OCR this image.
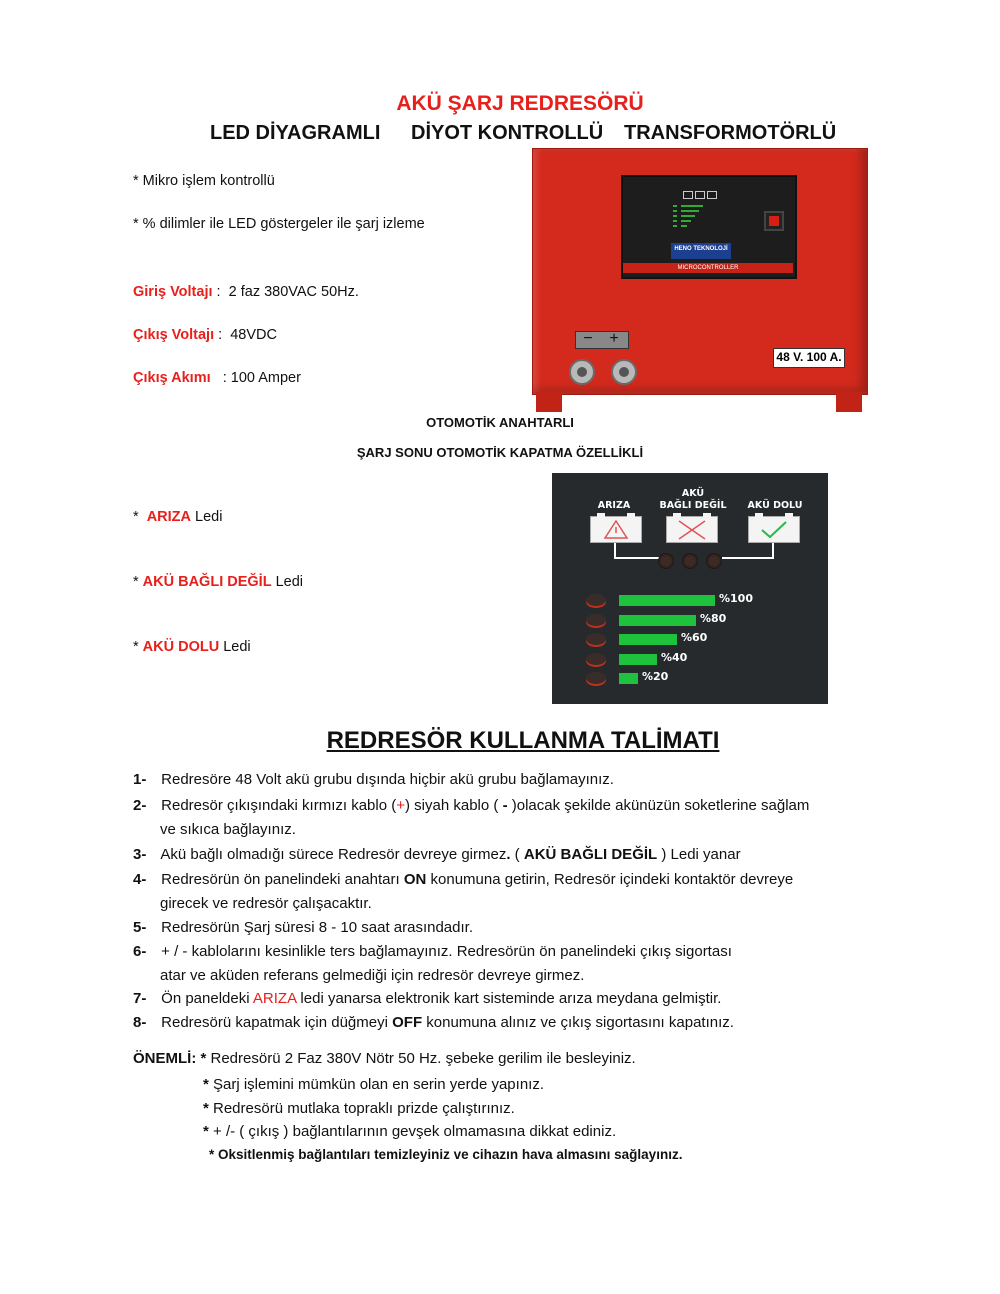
AKÜ ŞARJ REDRESÖRÜ
LED DİYAGRAMLI DİYOT KONTROLLÜ TRANSFORMOTÖRLÜ
* Mikro işlem kontrollü
* % dilimler ile LED göstergeler ile şarj izleme
Giriş Voltajı :  2 faz 380VAC 50Hz.
Çıkış Voltajı :  48VDC
Çıkış Akımı   : 100 Amper
HENO TEKNOLOJİ
MICROCONTROLLER
−	+
48 V. 100 A.
OTOMOTİK ANAHTARLI
ŞARJ SONU OTOMOTİK KAPATMA ÖZELLİKLİ
*  ARIZA Ledi
* AKÜ BAĞLI DEĞİL Ledi
* AKÜ DOLU Ledi
ARIZA
AKÜ
BAĞLI DEĞİL	AKÜ DOLU
%100
%80
%60
%40
%20
REDRESÖR KULLANMA TALİMATI
1- Redresöre 48 Volt akü grubu dışında hiçbir akü grubu bağlamayınız.
2- Redresör çıkışındaki kırmızı kablo (+) siyah kablo ( - )olacak şekilde akünüzün soketlerine sağlam
ve sıkıca bağlayınız.
3- Akü bağlı olmadığı sürece Redresör devreye girmez. ( AKÜ BAĞLI DEĞİL ) Ledi yanar
4- Redresörün ön panelindeki anahtarı ON konumuna getirin, Redresör içindeki kontaktör devreye
girecek ve redresör çalışacaktır.
5- Redresörün Şarj süresi 8 - 10 saat arasındadır.
6- + / - kablolarını kesinlikle ters bağlamayınız. Redresörün ön panelindeki çıkış sigortası
atar ve aküden referans gelmediği için redresör devreye girmez.
7- Ön paneldeki ARIZA ledi yanarsa elektronik kart sisteminde arıza meydana gelmiştir.
8- Redresörü kapatmak için düğmeyi OFF konumuna alınız ve çıkış sigortasını kapatınız.
ÖNEMLİ: * Redresörü 2 Faz 380V Nötr 50 Hz. şebeke gerilim ile besleyiniz.
* Şarj işlemini mümkün olan en serin yerde yapınız.
* Redresörü mutlaka topraklı prizde çalıştırınız.
* + /- ( çıkış ) bağlantılarının gevşek olmamasına dikkat ediniz.
* Oksitlenmiş bağlantıları temizleyiniz ve cihazın hava almasını sağlayınız.
